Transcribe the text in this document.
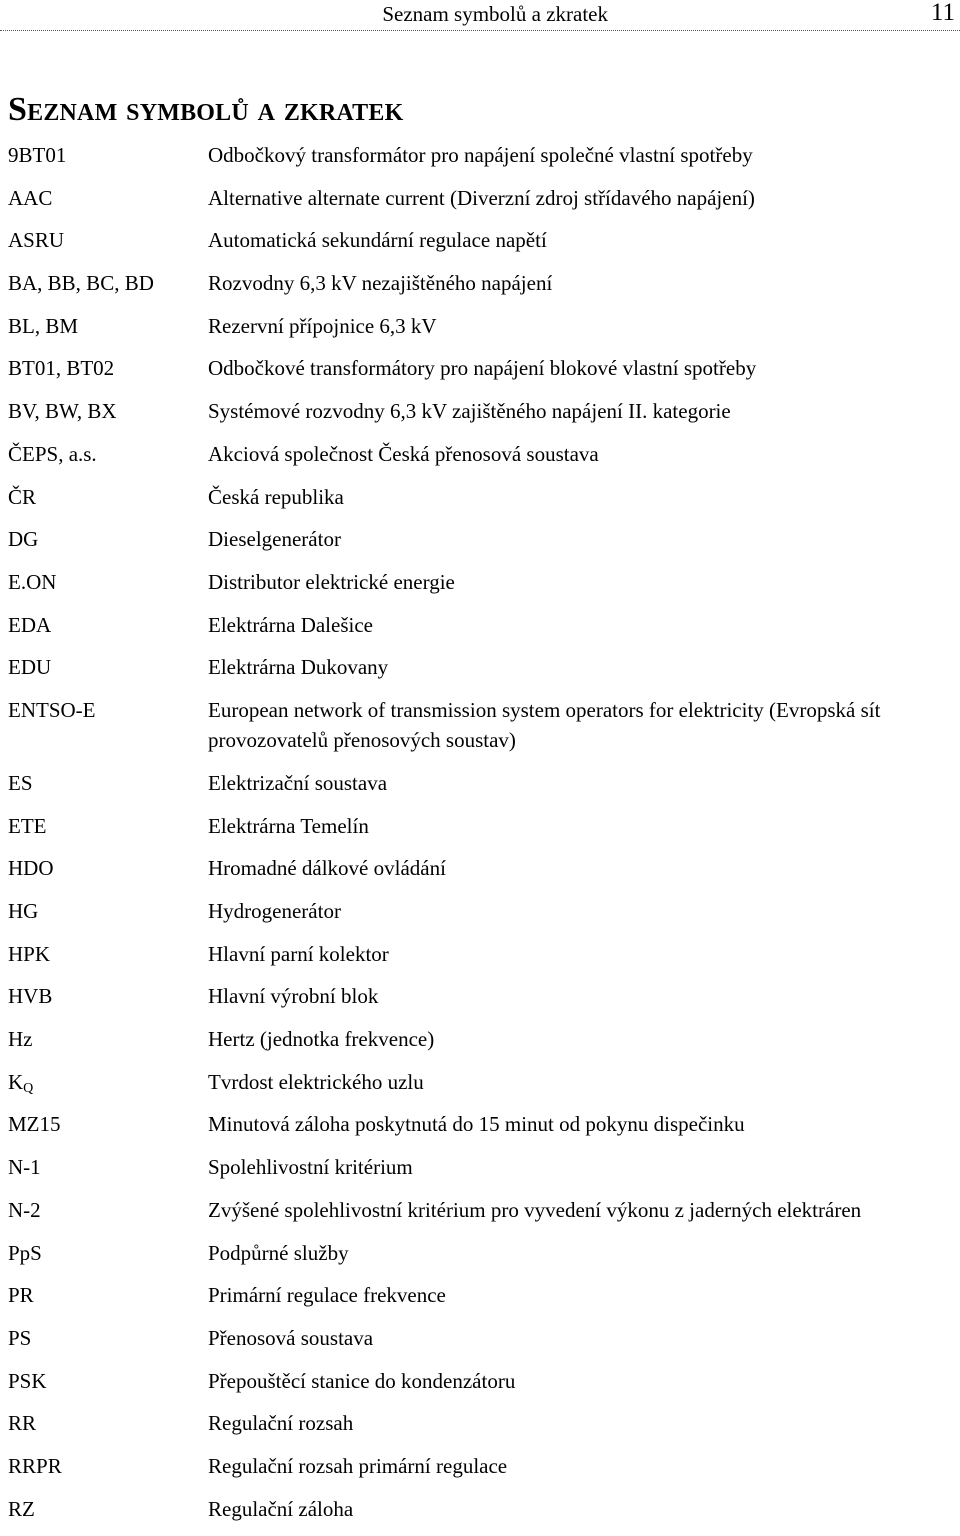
Seznam symbolů a zkratek	11
Seznam symbolů a zkratek
9BT01	Odbočkový transformátor pro napájení společné vlastní spotřeby
AAC	Alternative alternate current (Diverzní zdroj střídavého napájení)
ASRU	Automatická sekundární regulace napětí
BA, BB, BC, BD	Rozvodny 6,3 kV nezajištěného napájení
BL, BM	Rezervní přípojnice 6,3 kV
BT01, BT02	Odbočkové transformátory pro napájení blokové vlastní spotřeby
BV, BW, BX	Systémové rozvodny 6,3 kV zajištěného napájení II. kategorie
ČEPS, a.s.	Akciová společnost Česká přenosová soustava
ČR	Česká republika
DG	Dieselgenerátor
E.ON	Distributor elektrické energie
EDA	Elektrárna Dalešice
EDU	Elektrárna Dukovany
ENTSO-E	European network of transmission system operators for elektricity (Evropská sít provozovatelů přenosových soustav)
ES	Elektrizační soustava
ETE	Elektrárna Temelín
HDO	Hromadné dálkové ovládání
HG	Hydrogenerátor
HPK	Hlavní parní kolektor
HVB	Hlavní výrobní blok
Hz	Hertz (jednotka frekvence)
$K_Q$	Tvrdost elektrického uzlu
MZ15	Minutová záloha poskytnutá do 15 minut od pokynu dispečinku
N-1	Spolehlivostní kritérium
N-2	Zvýšené spolehlivostní kritérium pro vyvedení výkonu z jaderných elektráren
PpS	Podpůrné služby
PR	Primární regulace frekvence
PS	Přenosová soustava
PSK	Přepouštěcí stanice do kondenzátoru
RR	Regulační rozsah
RRPR	Regulační rozsah primární regulace
RZ	Regulační záloha
